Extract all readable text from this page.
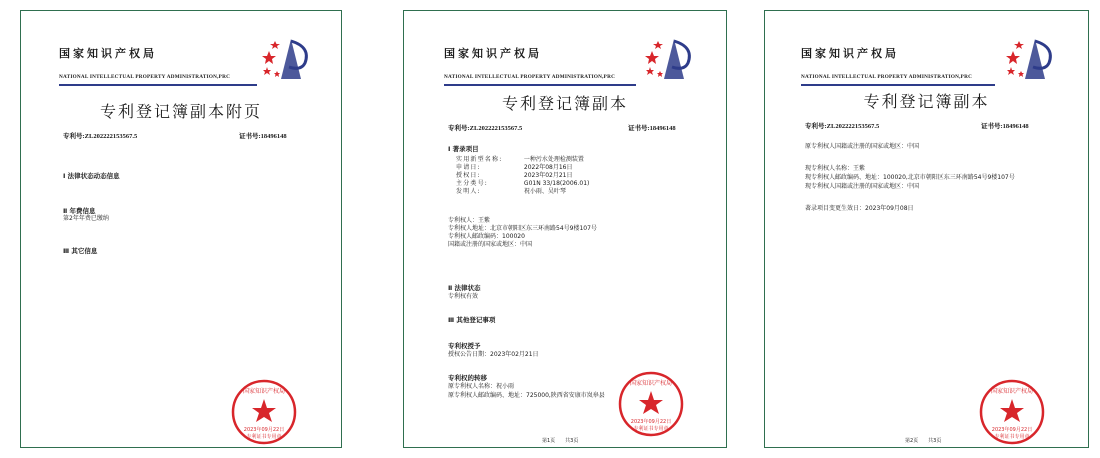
国家知识产权局
NATIONAL INTELLECTUAL PROPERTY ADMINISTRATION,PRC
专利登记簿副本附页
专利号:ZL202222153567.5	证书号:18496148
Ⅰ 法律状态动态信息
Ⅱ 年费信息
第2年年费已缴纳
Ⅲ 其它信息
国家知识产权局
2023年09月22日
专利证书专用章
国家知识产权局
NATIONAL INTELLECTUAL PROPERTY ADMINISTRATION,PRC
专利登记簿副本
专利号:ZL202222153567.5	证书号:18496148
Ⅰ 著录项目
实用新型名称:	一种污水处理检测装置
申请日:	2022年08月16日
授权日:	2023年02月21日
主分类号:	G01N 33/18(2006.01)
发明人:	祝小雨、吴叶琴
专利权人：王紫
专利权人地址：北京市朝阳区东三环南路54号9楼107号
专利权人邮政编码：100020
国籍或注册的国家或地区：中国
Ⅱ 法律状态
专利权有效
Ⅲ 其他登记事项
专利权授予
授权公告日期：2023年02月21日
专利权的转移
原专利权人名称：祝小雨
原专利权人邮政编码、地址：725000,陕西省安康市岚皋县
国家知识产权局
2023年09月22日
专利证书专用章
第1页　　共3页
国家知识产权局
NATIONAL INTELLECTUAL PROPERTY ADMINISTRATION,PRC
专利登记簿副本
专利号:ZL202222153567.5	证书号:18496148
原专利权人国籍或注册的国家或地区：中国
现专利权人名称：王紫
现专利权人邮政编码、地址：100020,北京市朝阳区东三环南路54号9楼107号
现专利权人国籍或注册的国家或地区：中国
著录项目变更生效日：2023年09月08日
国家知识产权局
2023年09月22日
专利证书专用章
第2页　　共3页
